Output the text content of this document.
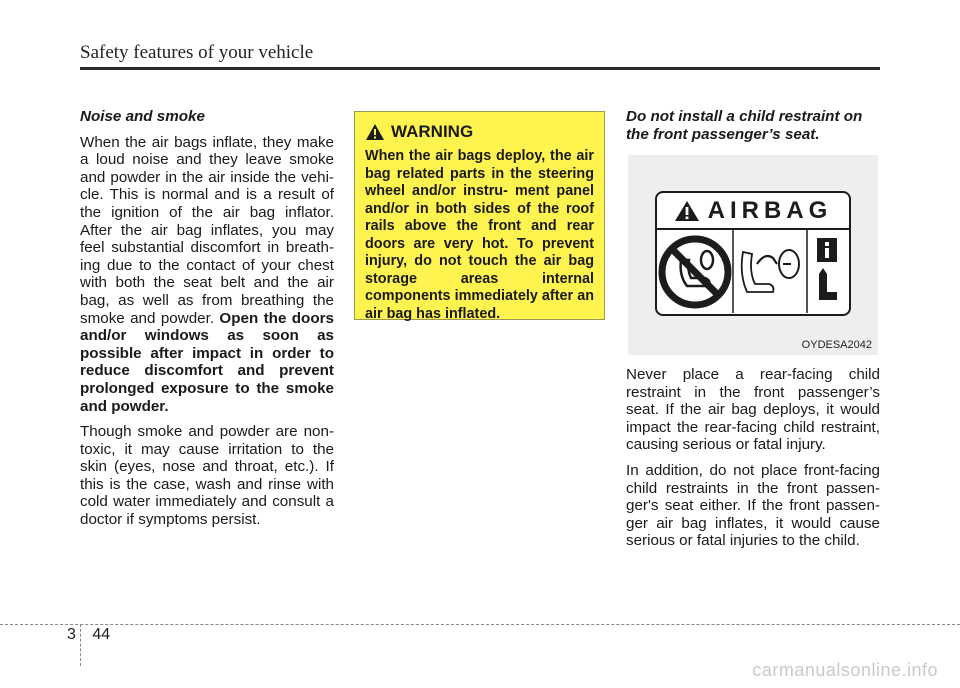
Safety features of your vehicle

Noise and smoke

When the air bags inflate, they make a loud noise and they leave smoke and powder in the air inside the vehi- cle. This is normal and is a result of the ignition of the air bag inflator. After the air bag inflates, you may feel substantial discomfort in breath- ing due to the contact of your chest with both the seat belt and the air bag, as well as from breathing the smoke and powder. Open the doors and/or windows as soon as possible after impact in order to reduce discomfort and prevent prolonged exposure to the smoke and powder.

Though smoke and powder are non- toxic, it may cause irritation to the skin (eyes, nose and throat, etc.). If this is the case, wash and rinse with cold water immediately and consult a doctor if symptoms persist.

WARNING
When the air bags deploy, the air bag related parts in the steering wheel and/or instru- ment panel and/or in both sides of the roof rails above the front and rear doors are very hot. To prevent injury, do not touch the air bag storage areas internal components immediately after an air bag has inflated.

Do not install a child restraint on the front passenger’s seat.

AIRBAG
OYDESA2042

Never place a rear-facing child restraint in the front passenger’s seat. If the air bag deploys, it would impact the rear-facing child restraint, causing serious or fatal injury.

In addition, do not place front-facing child restraints in the front passen- ger's seat either. If the front passen- ger air bag inflates, it would cause serious or fatal injuries to the child.

3 44
carmanualsonline.info
